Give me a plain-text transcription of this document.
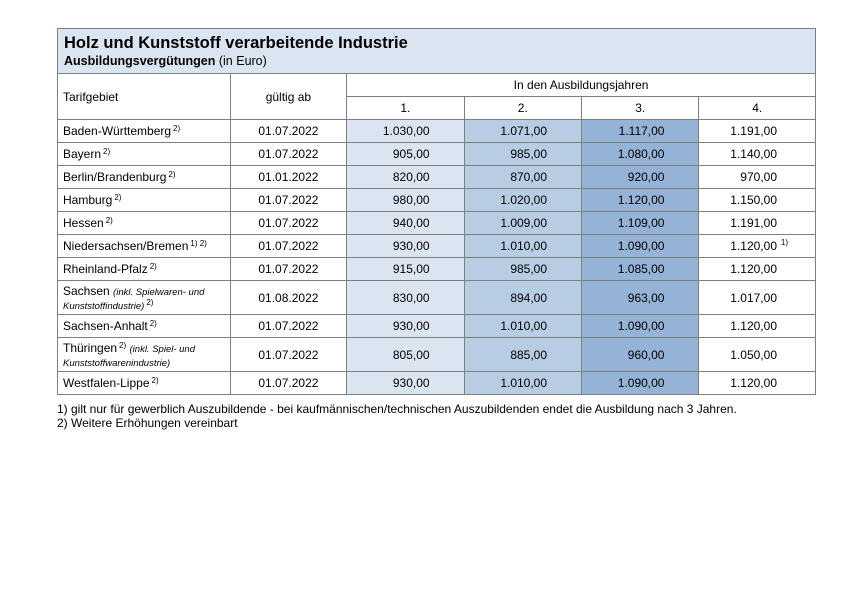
Holz und Kunststoff verarbeitende Industrie
Ausbildungsvergütungen (in Euro)
Tarifgebiet	gültig ab	In den Ausbildungsjahren			
		1.	2.	3.	4.
Baden-Württemberg $^{2)}$	01.07.2022	1.030,00	1.071,00	1.117,00	1.191,00
Bayern $^{2)}$	01.07.2022	905,00	985,00	1.080,00	1.140,00
Berlin/Brandenburg $^{2)}$	01.01.2022	820,00	870,00	920,00	970,00
Hamburg $^{2)}$	01.07.2022	980,00	1.020,00	1.120,00	1.150,00
Hessen $^{2)}$	01.07.2022	940,00	1.009,00	1.109,00	1.191,00
Niedersachsen/Bremen $^{1) 2)}$	01.07.2022	930,00	1.010,00	1.090,00	1.120,00 1)

Rheinland-Pfalz $^{2)}$	01.07.2022	915,00	985,00	1.085,00	1.120,00
Sachsen (inkl. Spielwaren- und Kunststoffindustrie) $^{2)}$	01.08.2022	830,00	894,00	963,00	1.017,00
Sachsen-Anhalt $^{2)}$	01.07.2022	930,00	1.010,00	1.090,00	1.120,00
Thüringen $^{2)}$ (inkl. Spiel- und Kunststoffwarenindustrie)	01.07.2022	805,00	885,00	960,00	1.050,00
Westfalen-Lippe $^{2)}$	01.07.2022	930,00	1.010,00	1.090,00	1.120,00
1) gilt nur für gewerblich Auszubildende - bei kaufmännischen/technischen Auszubildenden endet die Ausbildung nach 3 Jahren.
2) Weitere Erhöhungen vereinbart
